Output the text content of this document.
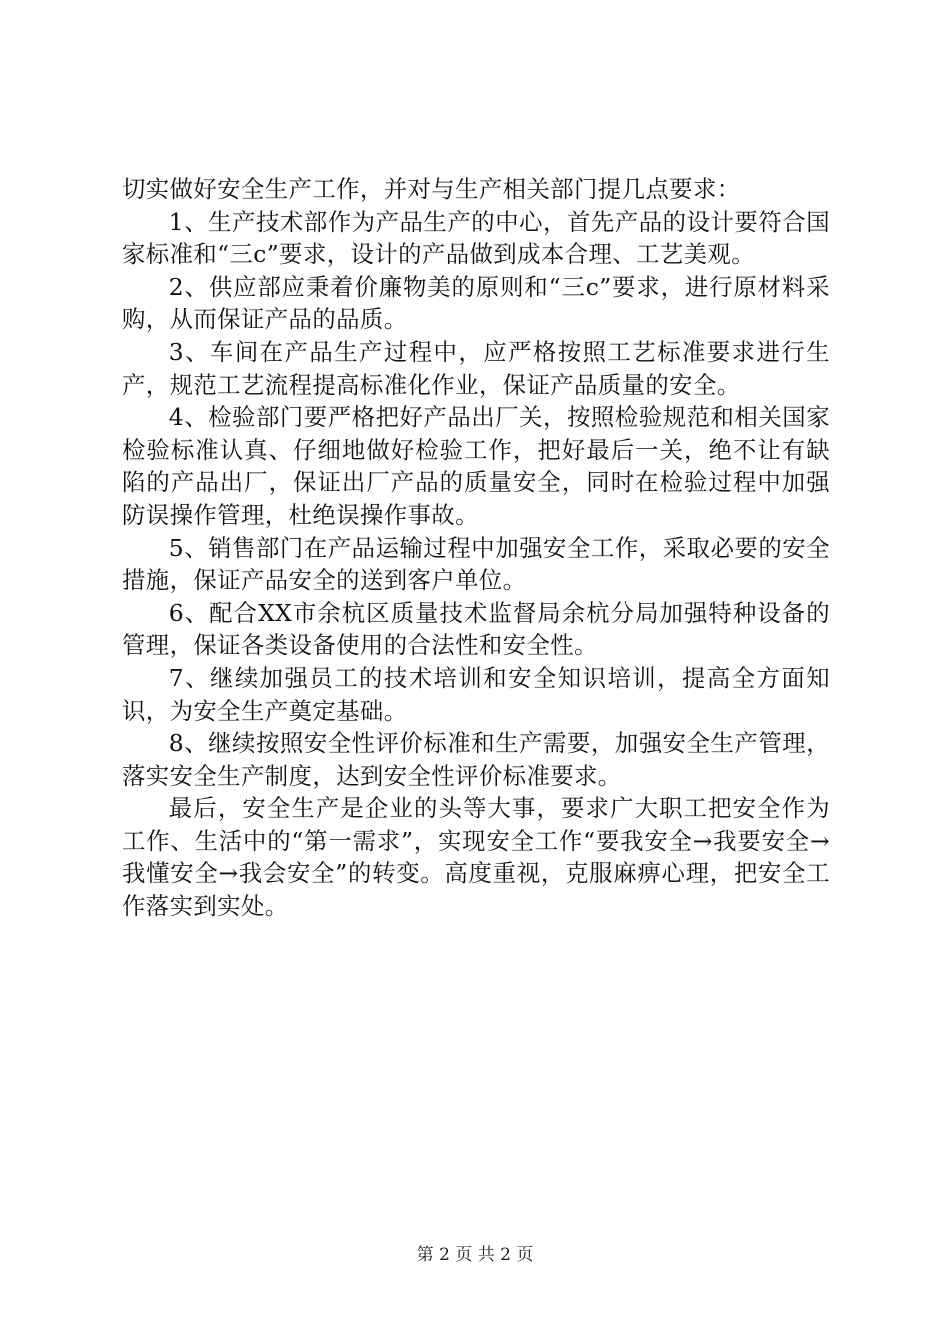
切实做好安全生产工作，并对与生产相关部门提几点要求：

1、生产技术部作为产品生产的中心，首先产品的设计要符合国家标准和“三c”要求，设计的产品做到成本合理、工艺美观。

2、供应部应秉着价廉物美的原则和“三c”要求，进行原材料采购，从而保证产品的品质。

3、车间在产品生产过程中，应严格按照工艺标准要求进行生产，规范工艺流程提高标准化作业，保证产品质量的安全。

4、检验部门要严格把好产品出厂关，按照检验规范和相关国家检验标准认真、仔细地做好检验工作，把好最后一关，绝不让有缺陷的产品出厂，保证出厂产品的质量安全，同时在检验过程中加强防误操作管理，杜绝误操作事故。

5、销售部门在产品运输过程中加强安全工作，采取必要的安全措施，保证产品安全的送到客户单位。

6、配合XX市余杭区质量技术监督局余杭分局加强特种设备的管理，保证各类设备使用的合法性和安全性。

7、继续加强员工的技术培训和安全知识培训，提高全方面知识，为安全生产奠定基础。

8、继续按照安全性评价标准和生产需要，加强安全生产管理，落实安全生产制度，达到安全性评价标准要求。

最后，安全生产是企业的头等大事，要求广大职工把安全作为工作、生活中的“第一需求”，实现安全工作“要我安全→我要安全→我懂安全→我会安全”的转变。高度重视，克服麻痹心理，把安全工作落实到实处。

第 2 页 共 2 页
